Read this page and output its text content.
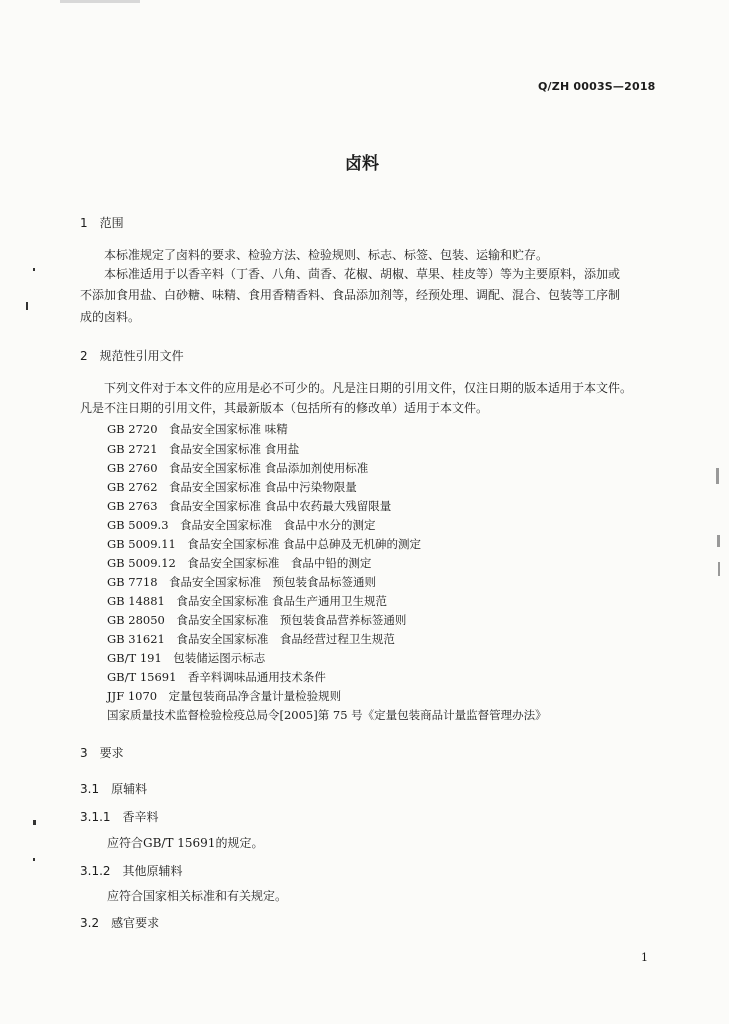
Q/ZH 0003S—2018
卤料
1　范围
本标准规定了卤料的要求、检验方法、检验规则、标志、标签、包装、运输和贮存。
本标准适用于以香辛料（丁香、八角、茴香、花椒、胡椒、草果、桂皮等）等为主要原料，添加或
不添加食用盐、白砂糖、味精、食用香精香料、食品添加剂等，经预处理、调配、混合、包装等工序制
成的卤料。
2　规范性引用文件
下列文件对于本文件的应用是必不可少的。凡是注日期的引用文件，仅注日期的版本适用于本文件。
凡是不注日期的引用文件，其最新版本（包括所有的修改单）适用于本文件。
GB 2720　食品安全国家标准 味精
GB 2721　食品安全国家标准 食用盐
GB 2760　食品安全国家标准 食品添加剂使用标准
GB 2762　食品安全国家标准 食品中污染物限量
GB 2763　食品安全国家标准 食品中农药最大残留限量
GB 5009.3　食品安全国家标准　食品中水分的测定
GB 5009.11　食品安全国家标准 食品中总砷及无机砷的测定
GB 5009.12　食品安全国家标准　食品中铅的测定
GB 7718　食品安全国家标准　预包装食品标签通则
GB 14881　食品安全国家标准 食品生产通用卫生规范
GB 28050　食品安全国家标准　预包装食品营养标签通则
GB 31621　食品安全国家标准　食品经营过程卫生规范
GB/T 191　包装储运图示标志
GB/T 15691　香辛料调味品通用技术条件
JJF 1070　定量包装商品净含量计量检验规则
国家质量技术监督检验检疫总局令[2005]第 75 号《定量包装商品计量监督管理办法》
3　要求
3.1　原辅料
3.1.1　香辛料
应符合GB/T 15691的规定。
3.1.2　其他原辅料
应符合国家相关标准和有关规定。
3.2　感官要求
1
